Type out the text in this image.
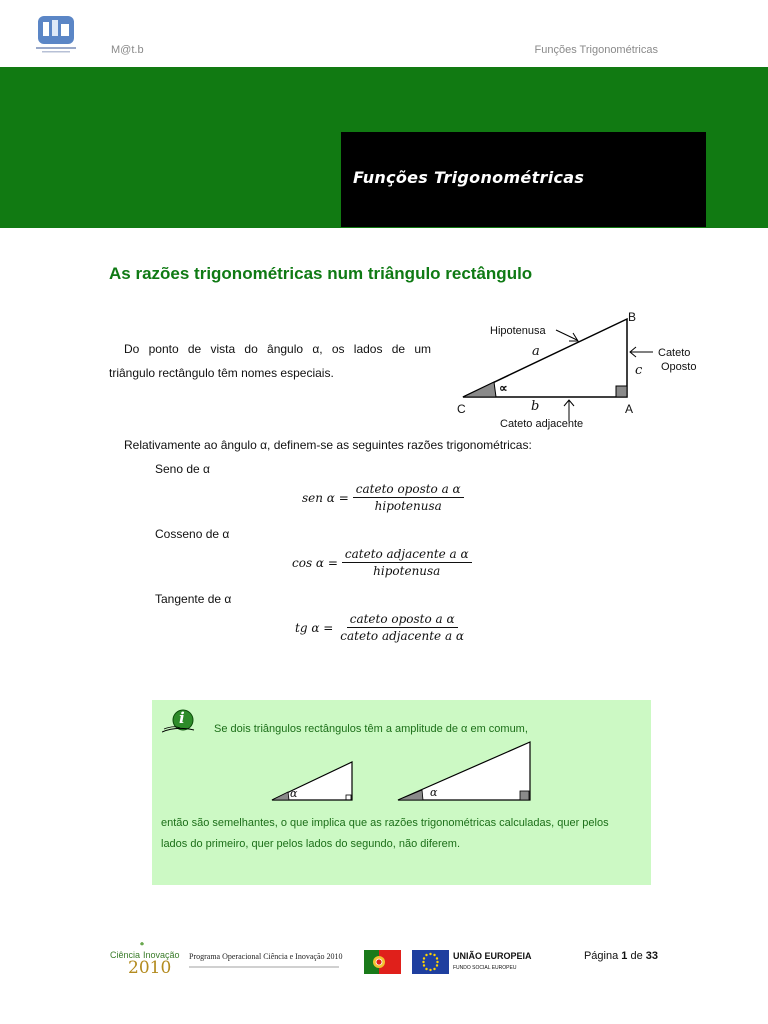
M@t.b	Funções Trigonométricas
Funções Trigonométricas
As razões trigonométricas num triângulo rectângulo
Do ponto de vista do ângulo α, os lados de um
triângulo rectângulo têm nomes especiais.
Hipotenusa
Cateto
Oposto
Cateto adjacente
a
b
c
A
B
C
∝
Relativamente ao ângulo α, definem-se as seguintes razões trigonométricas:
Seno de α
sen $\alpha = \frac{\text{cateto oposto a α}}{\text{hipotenusa}}$
Cosseno de α
$\cos \alpha = \frac{\text{cateto adjacente a α}}{\text{hipotenusa}}$
Tangente de α
tg $\alpha = \frac{\text{cateto oposto a α}}{\text{cateto adjacente a α}}$
i
Se dois triângulos rectângulos têm a amplitude de α em comum,
α	α
então são semelhantes, o que implica que as razões trigonométricas calculadas, quer pelos
lados do primeiro, quer pelos lados do segundo, não diferem.
Ciência Inovação
2010
Programa Operacional Ciência e Inovação 2010	UNIÃO EUROPEIA
FUNDO SOCIAL EUROPEU
Página 1 de 33
